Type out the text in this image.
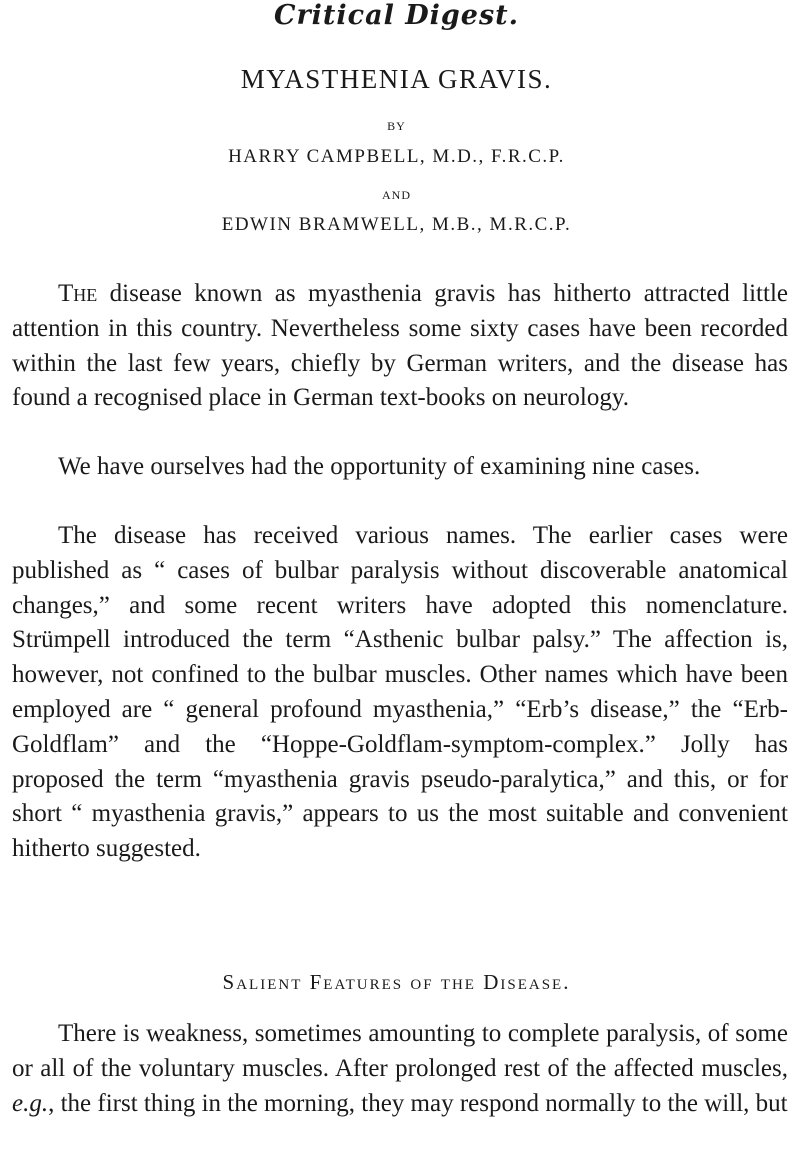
Critical Digest.
MYASTHENIA GRAVIS.
BY
HARRY CAMPBELL, M.D., F.R.C.P.
AND
EDWIN BRAMWELL, M.B., M.R.C.P.

The disease known as myasthenia gravis has hitherto attracted little attention in this country. Nevertheless some sixty cases have been recorded within the last few years, chiefly by German writers, and the disease has found a recognised place in German text-books on neurology.

We have ourselves had the opportunity of examining nine cases.

The disease has received various names. The earlier cases were published as “ cases of bulbar paralysis without discoverable anatomical changes,” and some recent writers have adopted this nomenclature. Strümpell introduced the term “Asthenic bulbar palsy.” The affection is, however, not confined to the bulbar muscles. Other names which have been employed are “ general profound myasthenia,” “Erb’s disease,” the “Erb-Goldflam” and the “Hoppe-Goldflam-symptom-complex.” Jolly has proposed the term “myasthenia gravis pseudo-paralytica,” and this, or for short “ myasthenia gravis,” appears to us the most suitable and convenient hitherto suggested.

Salient Features of the Disease.

There is weakness, sometimes amounting to complete paralysis, of some or all of the voluntary muscles. After prolonged rest of the affected muscles, e.g., the first thing in the morning, they may respond normally to the will, but
